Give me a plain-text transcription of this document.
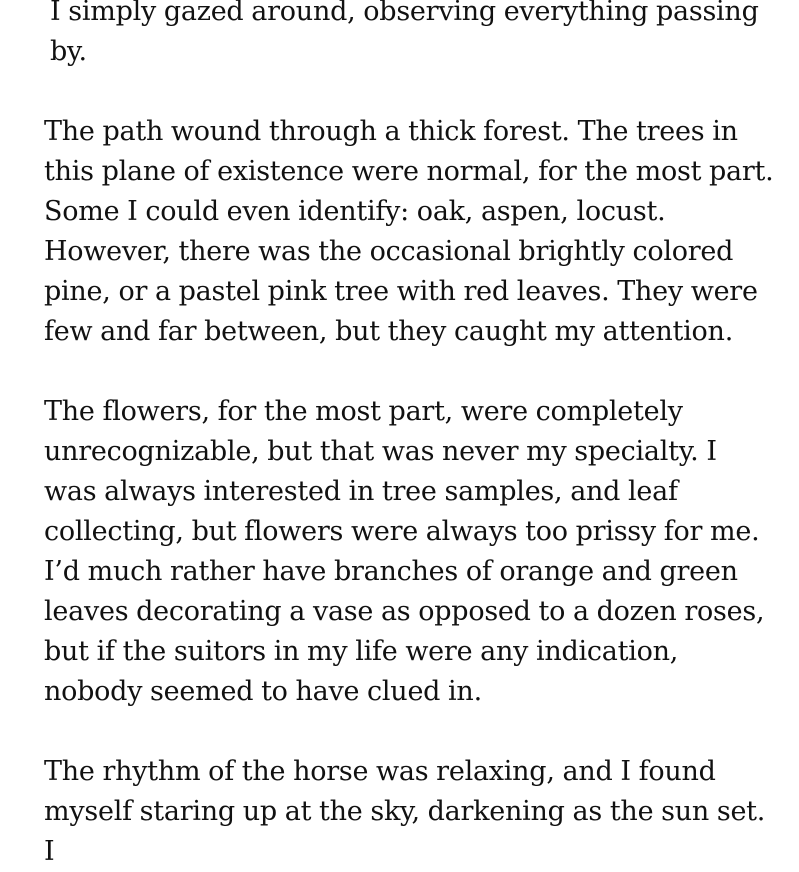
I simply gazed around, observing everything passing by.

The path wound through a thick forest. The trees in this plane of existence were normal, for the most part. Some I could even identify: oak, aspen, locust. However, there was the occasional brightly colored pine, or a pastel pink tree with red leaves. They were few and far between, but they caught my attention.

The flowers, for the most part, were completely unrecognizable, but that was never my specialty. I was always interested in tree samples, and leaf collecting, but flowers were always too prissy for me. I’d much rather have branches of orange and green leaves decorating a vase as opposed to a dozen roses, but if the suitors in my life were any indication, nobody seemed to have clued in.

The rhythm of the horse was relaxing, and I found myself staring up at the sky, darkening as the sun set. I
